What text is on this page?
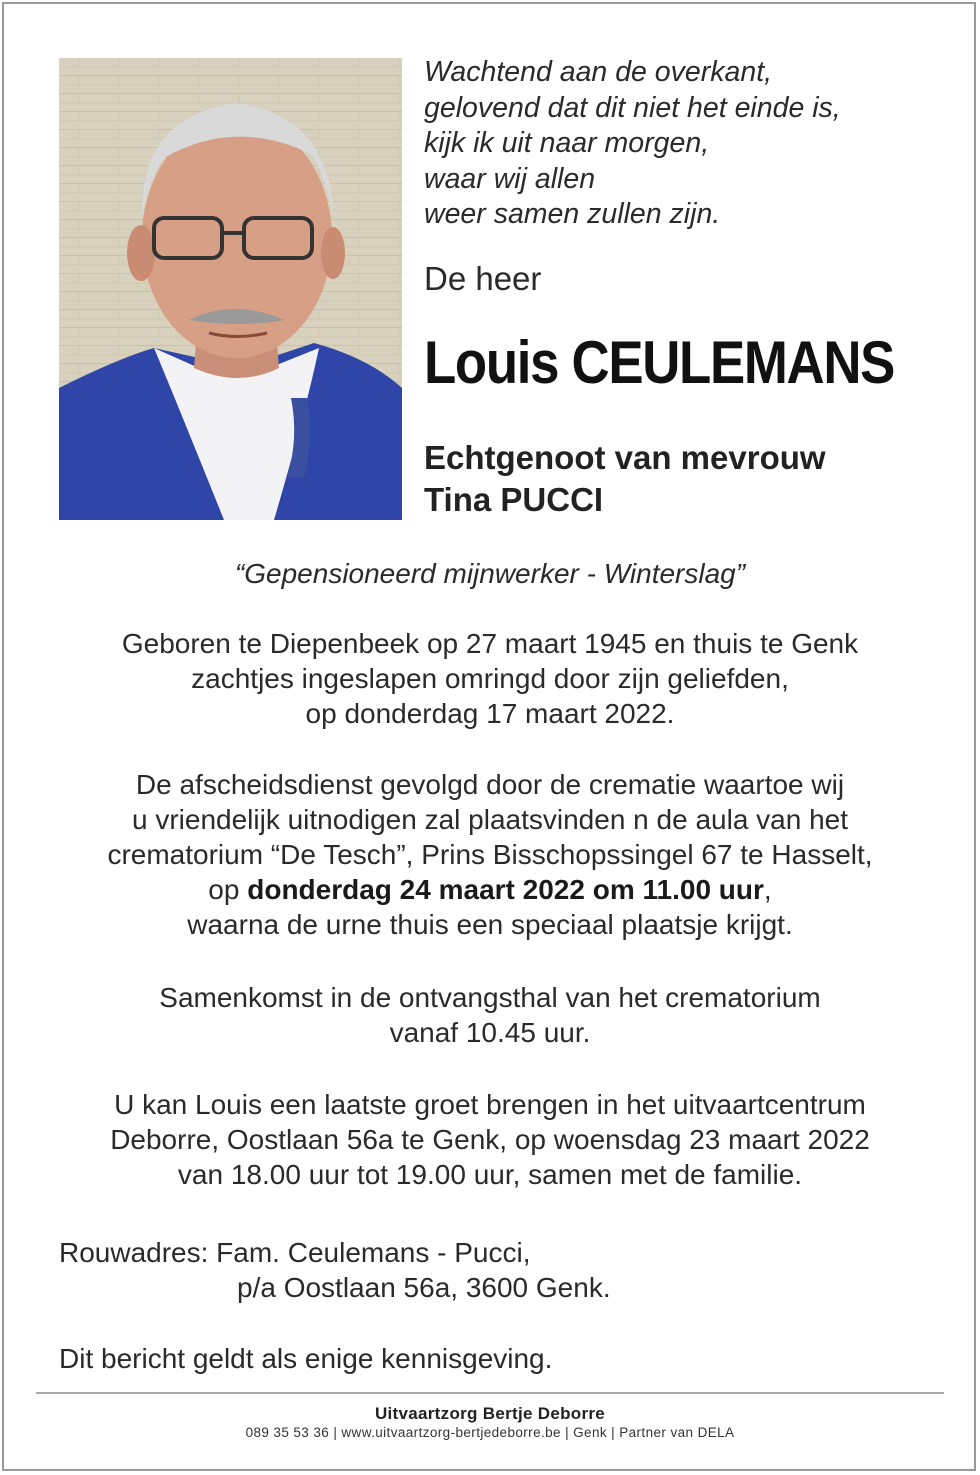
Wachtend aan de overkant,
gelovend dat dit niet het einde is,
kijk ik uit naar morgen,
waar wij allen
weer samen zullen zijn.
De heer
Louis CEULEMANS
Echtgenoot van mevrouw
Tina PUCCI
“Gepensioneerd mijnwerker - Winterslag”
Geboren te Diepenbeek op 27 maart 1945 en thuis te Genk
zachtjes ingeslapen omringd door zijn geliefden,
op donderdag 17 maart 2022.
De afscheidsdienst gevolgd door de crematie waartoe wij
u vriendelijk uitnodigen zal plaatsvinden n de aula van het
crematorium “De Tesch”, Prins Bisschopssingel 67 te Hasselt,
op donderdag 24 maart 2022 om 11.00 uur,
waarna de urne thuis een speciaal plaatsje krijgt.
Samenkomst in de ontvangsthal van het crematorium
vanaf 10.45 uur.
U kan Louis een laatste groet brengen in het uitvaartcentrum
Deborre, Oostlaan 56a te Genk, op woensdag 23 maart 2022
van 18.00 uur tot 19.00 uur, samen met de familie.
Rouwadres: Fam. Ceulemans - Pucci,
p/a Oostlaan 56a, 3600 Genk.
Dit bericht geldt als enige kennisgeving.
Uitvaartzorg Bertje Deborre
089 35 53 36 | www.uitvaartzorg-bertjedeborre.be | Genk | Partner van DELA
